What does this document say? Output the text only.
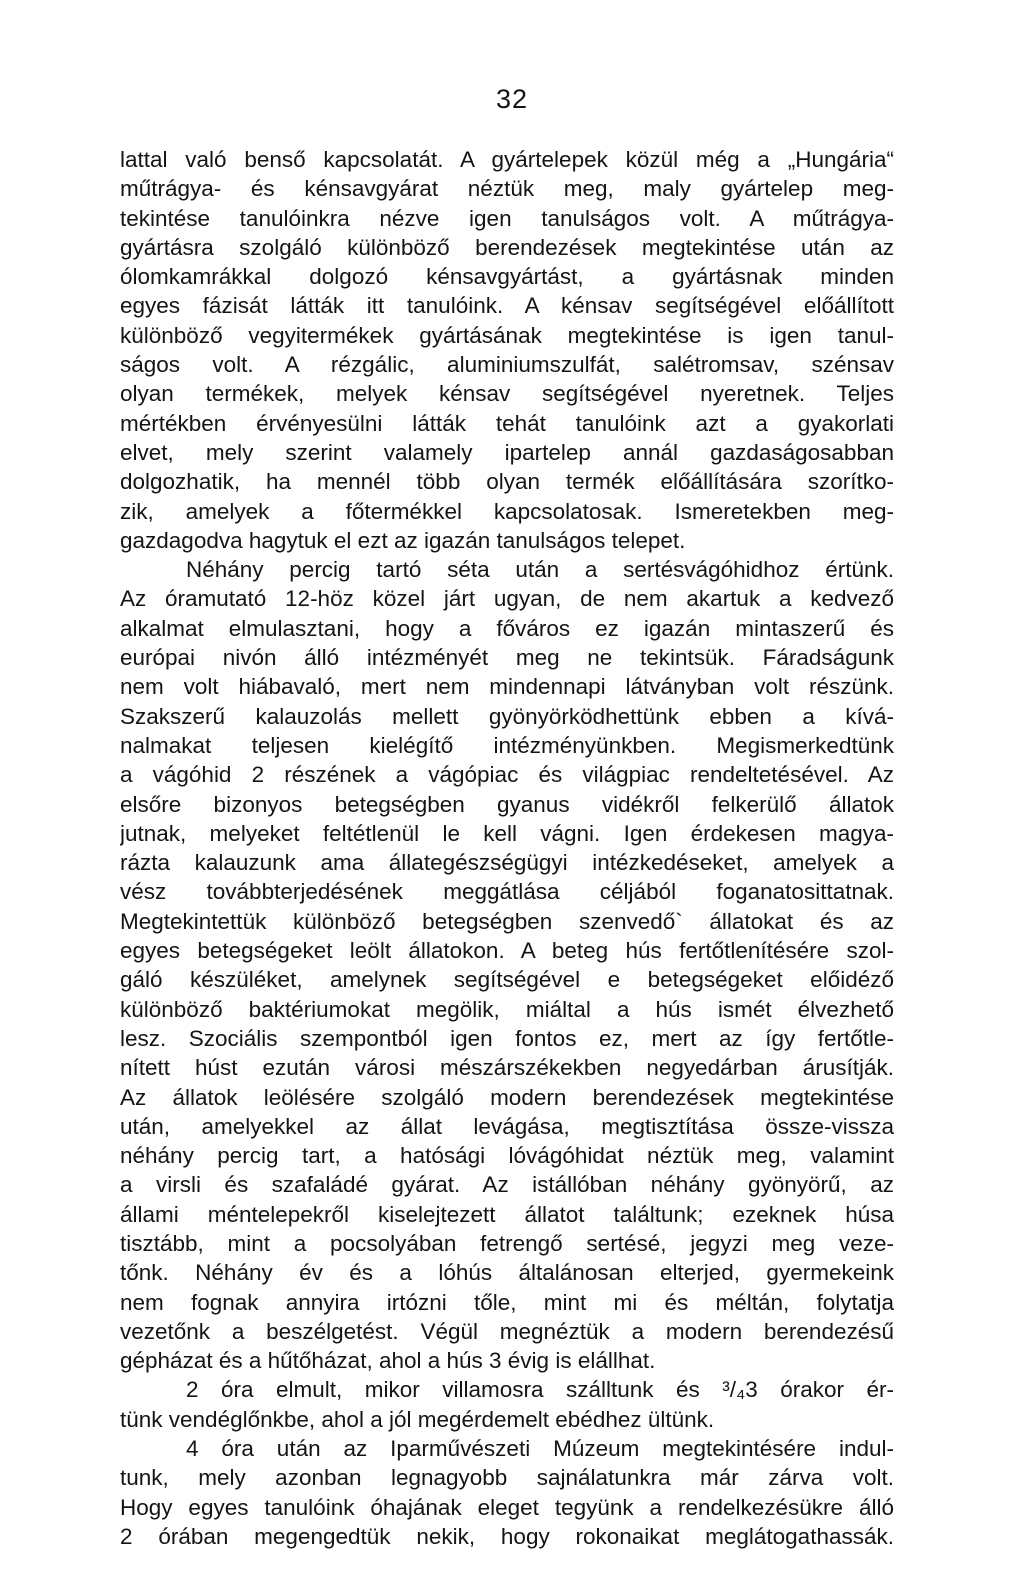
32
lattal való benső kapcsolatát. A gyártelepek közül még a „Hungária“
műtrágya- és kénsavgyárat néztük meg, maly gyártelep meg-
tekintése tanulóinkra nézve igen tanulságos volt. A műtrágya-
gyártásra szolgáló különböző berendezések megtekintése után az
ólomkamrákkal dolgozó kénsavgyártást, a gyártásnak minden
egyes fázisát látták itt tanulóink. A kénsav segítségével előállított
különböző vegyitermékek gyártásának megtekintése is igen tanul-
ságos volt. A rézgálic, aluminiumszulfát, salétromsav, szénsav
olyan termékek, melyek kénsav segítségével nyeretnek. Teljes
mértékben érvényesülni látták tehát tanulóink azt a gyakorlati
elvet, mely szerint valamely ipartelep annál gazdaságosabban
dolgozhatik, ha mennél több olyan termék előállítására szorítko-
zik, amelyek a főtermékkel kapcsolatosak. Ismeretekben meg-
gazdagodva hagytuk el ezt az igazán tanulságos telepet.
Néhány percig tartó séta után a sertésvágóhidhoz értünk.
Az óramutató 12-höz közel járt ugyan, de nem akartuk a kedvező
alkalmat elmulasztani, hogy a főváros ez igazán mintaszerű és
európai nivón álló intézményét meg ne tekintsük. Fáradságunk
nem volt hiábavaló, mert nem mindennapi látványban volt részünk.
Szakszerű kalauzolás mellett gyönyörködhettünk ebben a kívá-
nalmakat teljesen kielégítő intézményünkben. Megismerkedtünk
a vágóhid 2 részének a vágópiac és világpiac rendeltetésével. Az
elsőre bizonyos betegségben gyanus vidékről felkerülő állatok
jutnak, melyeket feltétlenül le kell vágni. Igen érdekesen magya-
rázta kalauzunk ama állategészségügyi intézkedéseket, amelyek a
vész továbbterjedésének meggátlása céljából foganatosittatnak.
Megtekintettük különböző betegségben szenvedő` állatokat és az
egyes betegségeket leölt állatokon. A beteg hús fertőtlenítésére szol-
gáló készüléket, amelynek segítségével e betegségeket előidéző
különböző baktériumokat megölik, miáltal a hús ismét élvezhető
lesz. Szociális szempontból igen fontos ez, mert az így fertőtle-
nített húst ezután városi mészárszékekben negyedárban árusítják.
Az állatok leölésére szolgáló modern berendezések megtekintése
után, amelyekkel az állat levágása, megtisztítása össze-vissza
néhány percig tart, a hatósági lóvágóhidat néztük meg, valamint
a virsli és szafaládé gyárat. Az istállóban néhány gyönyörű, az
állami méntelepekről kiselejtezett állatot találtunk; ezeknek húsa
tisztább, mint a pocsolyában fetrengő sertésé, jegyzi meg veze-
tőnk. Néhány év és a lóhús általánosan elterjed, gyermekeink
nem fognak annyira irtózni tőle, mint mi és méltán, folytatja
vezetőnk a beszélgetést. Végül megnéztük a modern berendezésű
gépházat és a hűtőházat, ahol a hús 3 évig is elállhat.
2 óra elmult, mikor villamosra szálltunk és ³/₄3 órakor ér-
tünk vendéglőnkbe, ahol a jól megérdemelt ebédhez ültünk.
4 óra után az Iparművészeti Múzeum megtekintésére indul-
tunk, mely azonban legnagyobb sajnálatunkra már zárva volt.
Hogy egyes tanulóink óhajának eleget tegyünk a rendelkezésükre álló
2 órában megengedtük nekik, hogy rokonaikat meglátogathassák.
